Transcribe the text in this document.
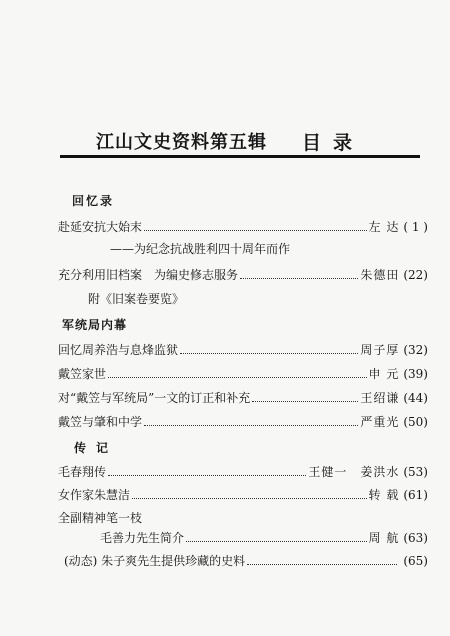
江山文史资料第五辑 目录
回忆录
赴延安抗大始末	左 达 ( 1 )
——为纪念抗战胜利四十周年而作
充分利用旧档案　为编史修志服务	朱德田 (22)
附《旧案卷要览》
军统局内幕
回忆周养浩与息烽监狱	周子厚 (32)
戴笠家世	申 元 (39)
对“戴笠与军统局”一文的订正和补充	王绍谦 (44)
戴笠与肇和中学	严重光 (50)
传记
毛春翔传	王健一　姜洪水 (53)
女作家朱慧洁	转 载 (61)
全副精神笔一枝
毛善力先生简介	周 航 (63)
(动态) 朱子爽先生提供珍藏的史料	(65)
